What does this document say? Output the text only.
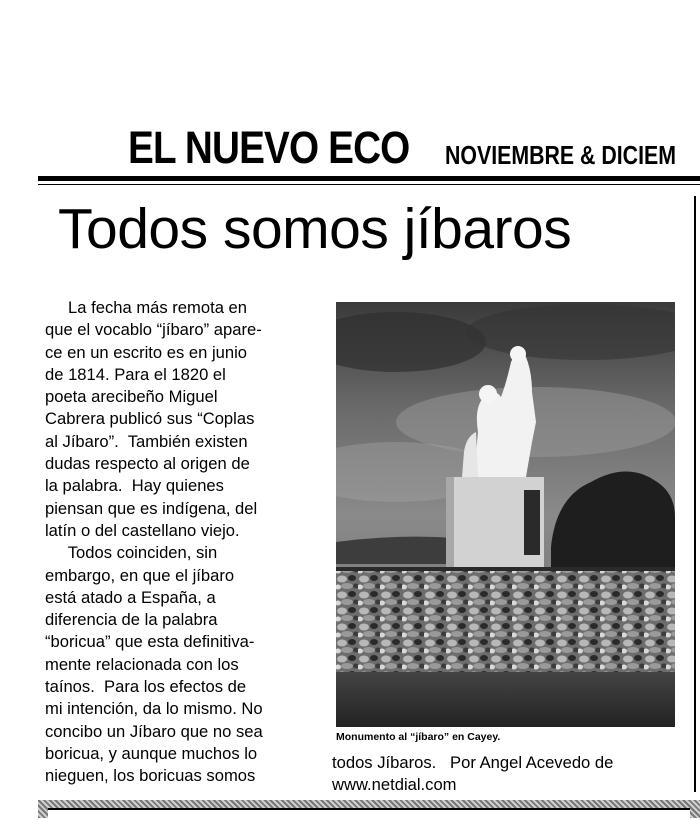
EL NUEVO ECO NOVIEMBRE & DICIEM
Todos somos jíbaros
La fecha más remota en
que el vocablo “jíbaro” apare-
ce en un escrito es en junio
de 1814. Para el 1820 el
poeta arecibeño Miguel
Cabrera publicó sus “Coplas
al Jíbaro”.  También existen
dudas respecto al origen de
la palabra.  Hay quienes
piensan que es indígena, del
latín o del castellano viejo.
Todos coinciden, sin
embargo, en que el jíbaro
está atado a España, a
diferencia de la palabra
“boricua” que esta definitiva-
mente relacionada con los
taínos.  Para los efectos de
mi intención, da lo mismo. No
concibo un Jíbaro que no sea
boricua, y aunque muchos lo
nieguen, los boricuas somos
Monumento al “jíbaro” en Cayey.
todos Jíbaros.   Por Angel Acevedo de
www.netdial.com
